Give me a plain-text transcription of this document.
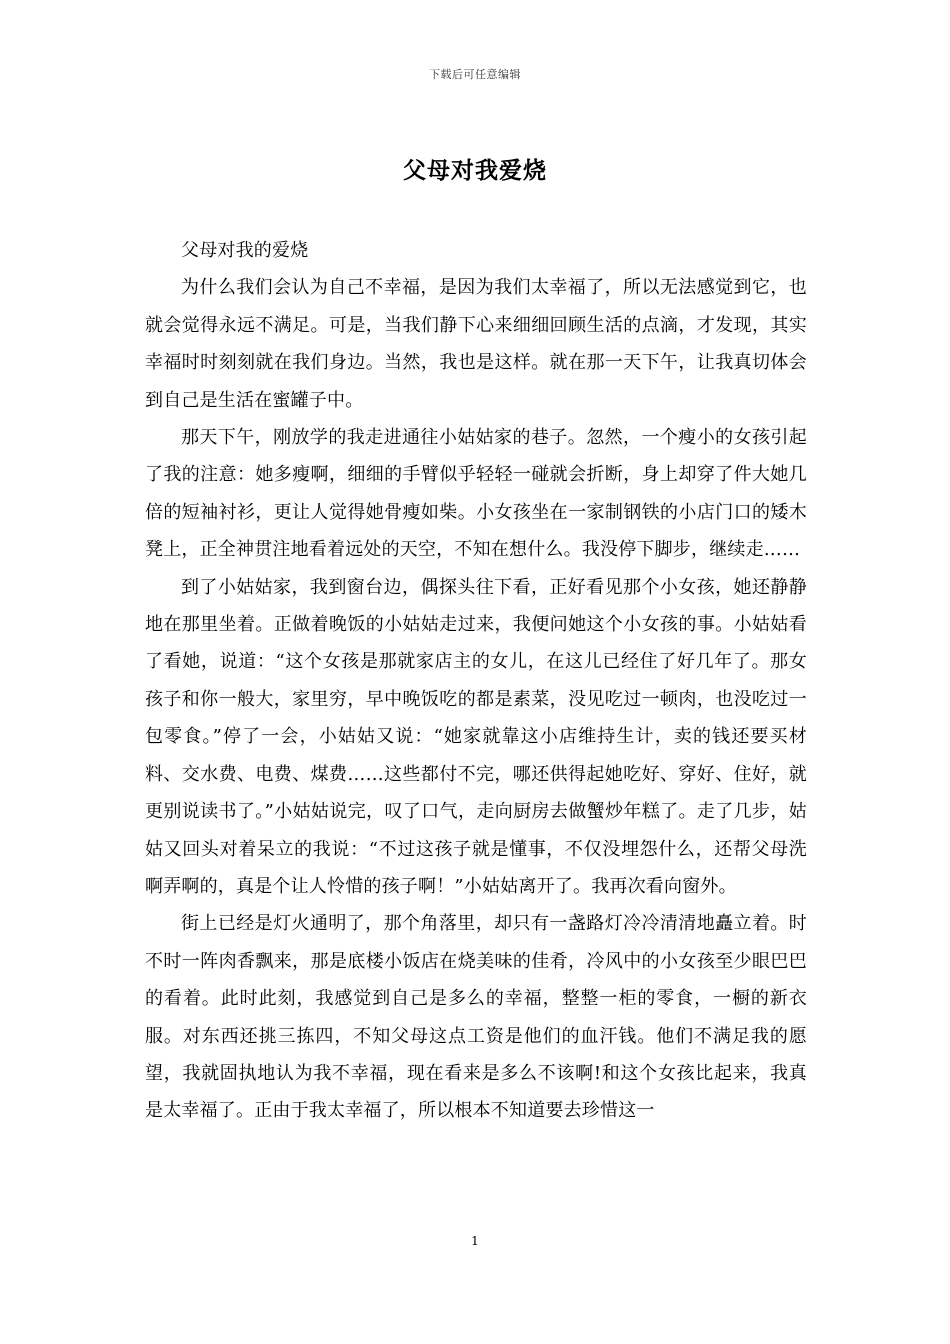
下载后可任意编辑
父母对我爱烧

父母对我的爱烧

为什么我们会认为自己不幸福，是因为我们太幸福了，所以无法感觉到它，也就会觉得永远不满足。可是，当我们静下心来细细回顾生活的点滴，才发现，其实幸福时时刻刻就在我们身边。当然，我也是这样。就在那一天下午，让我真切体会到自己是生活在蜜罐子中。

那天下午，刚放学的我走进通往小姑姑家的巷子。忽然，一个瘦小的女孩引起了我的注意：她多瘦啊，细细的手臂似乎轻轻一碰就会折断，身上却穿了件大她几倍的短袖衬衫，更让人觉得她骨瘦如柴。小女孩坐在一家制钢铁的小店门口的矮木凳上，正全神贯注地看着远处的天空，不知在想什么。我没停下脚步，继续走……

到了小姑姑家，我到窗台边，偶探头往下看，正好看见那个小女孩，她还静静地在那里坐着。正做着晚饭的小姑姑走过来，我便问她这个小女孩的事。小姑姑看了看她，说道：“这个女孩是那就家店主的女儿，在这儿已经住了好几年了。那女孩子和你一般大，家里穷，早中晚饭吃的都是素菜，没见吃过一顿肉，也没吃过一包零食。”停了一会，小姑姑又说：“她家就靠这小店维持生计，卖的钱还要买材料、交水费、电费、煤费……这些都付不完，哪还供得起她吃好、穿好、住好，就更别说读书了。”小姑姑说完，叹了口气，走向厨房去做蟹炒年糕了。走了几步，姑姑又回头对着呆立的我说：“不过这孩子就是懂事，不仅没埋怨什么，还帮父母洗啊弄啊的，真是个让人怜惜的孩子啊！”小姑姑离开了。我再次看向窗外。

街上已经是灯火通明了，那个角落里，却只有一盏路灯冷冷清清地矗立着。时不时一阵肉香飘来，那是底楼小饭店在烧美味的佳肴，冷风中的小女孩至少眼巴巴的看着。此时此刻，我感觉到自己是多么的幸福，整整一柜的零食，一橱的新衣服。对东西还挑三拣四，不知父母这点工资是他们的血汗钱。他们不满足我的愿望，我就固执地认为我不幸福，现在看来是多么不该啊!和这个女孩比起来，我真是太幸福了。正由于我太幸福了，所以根本不知道要去珍惜这一

1
